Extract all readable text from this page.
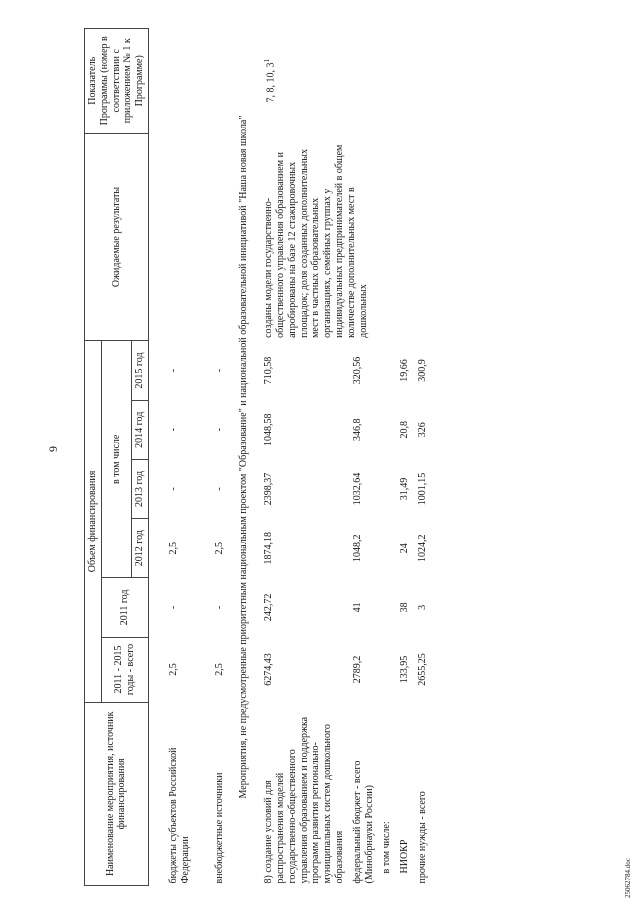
9
Наименование мероприятия, источник финансирования	Объем финансирования						Ожидаемые результаты	Показатель Программы (номер в соответствии с приложением № 1 к Программе)
	2011 - 2015 годы - всего	2011 год	в том числе					
			2012 год	2013 год	2014 год	2015 год		

бюджеты субъектов Российской Федерации	2,5	-	2,5	-	-	-		

внебюджетные источники	2,5	-	2,5	-	-	-		
Мероприятия, не предусмотренные приоритетным национальным проектом "Образование" и национальной образовательной инициативой "Наша новая школа"								
8) создание условий для распространения моделей государственно-общественного управления образованием и поддержка программ развития регионально-муниципальных систем дошкольного образования	6274,43	242,72	1874,18	2398,37	1048,58	710,58	созданы модели государственно-общественного управления образованием и апробированы на базе 12 стажировочных площадок; доля созданных дополнительных мест в частных образовательных организациях, семейных группах у индивидуальных предпринимателей в общем количестве дополнительных мест в дошкольных	7, 8, 10, $3^1$
федеральный бюджет - всего (Минобрнауки России)	2789,2	41	1048,2	1032,64	346,8	320,56		
в том числе:								
НИОКР	133,95	38	24	31,49	20,8	19,66		
прочие нужды - всего	2655,25	3	1024,2	1001,15	326	300,9		
25062784.doc
